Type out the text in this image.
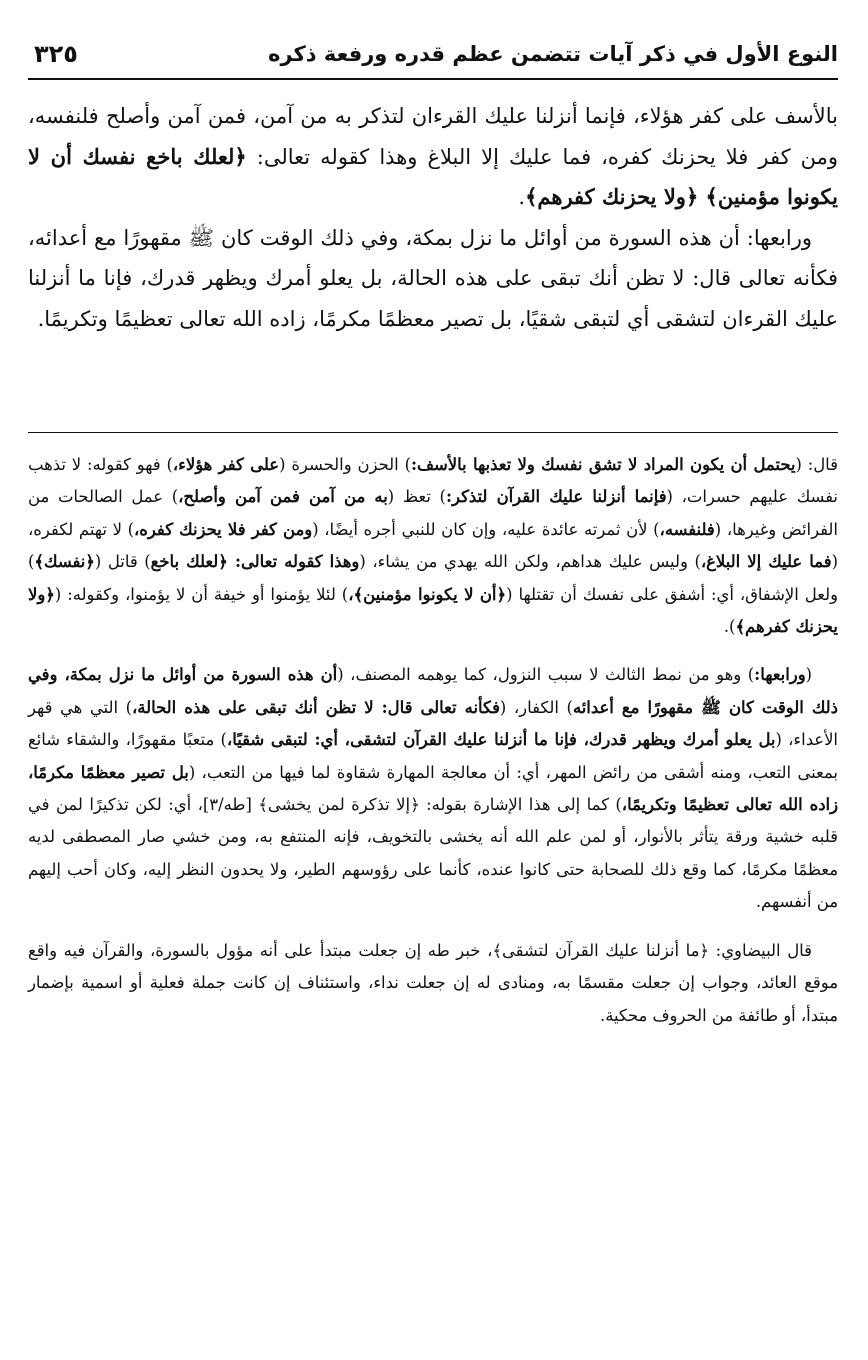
النوع الأول في ذكر آيات تتضمن عظم قدره ورفعة ذكره
٣٢٥

بالأسف على كفر هؤلاء، فإنما أنزلنا عليك القرءان لتذكر به من آمن، فمن آمن وأصلح فلنفسه، ومن كفر فلا يحزنك كفره، فما عليك إلا البلاغ وهذا كقوله تعالى: ﴿لعلك باخع نفسك أن لا يكونوا مؤمنين﴾ ﴿ولا يحزنك كفرهم﴾.

ورابعها: أن هذه السورة من أوائل ما نزل بمكة، وفي ذلك الوقت كان ﷺ مقهورًا مع أعدائه، فكأنه تعالى قال: لا تظن أنك تبقى على هذه الحالة، بل يعلو أمرك ويظهر قدرك، فإنا ما أنزلنا عليك القرءان لتشقى أي لتبقى شقيًا، بل تصير معظمًا مكرمًا، زاده الله تعالى تعظيمًا وتكريمًا.

قال: (يحتمل أن يكون المراد لا تشق نفسك ولا تعذبها بالأسف:) الحزن والحسرة (على كفر هؤلاء،) فهو كقوله: لا تذهب نفسك عليهم حسرات، (فإنما أنزلنا عليك القرآن لتذكر:) تعظ (به من آمن فمن آمن وأصلح،) عمل الصالحات من الفرائض وغيرها، (فلنفسه،) لأن ثمرته عائدة عليه، وإن كان للنبي أجره أيضًا، (ومن كفر فلا يحزنك كفره،) لا تهتم لكفره، (فما عليك إلا البلاغ،) وليس عليك هداهم، ولكن الله يهدي من يشاء، (وهذا كقوله تعالى: ﴿لعلك باخع) قاتل (﴿نفسك﴾) ولعل الإشفاق، أي: أشفق على نفسك أن تقتلها (﴿أن لا يكونوا مؤمنين﴾،) لئلا يؤمنوا أو خيفة أن لا يؤمنوا، وكقوله: (﴿ولا يحزنك كفرهم﴾).

(ورابعها:) وهو من نمط الثالث لا سبب النزول، كما يوهمه المصنف، (أن هذه السورة من أوائل ما نزل بمكة، وفي ذلك الوقت كان ﷺ مقهورًا مع أعدائه) الكفار، (فكأنه تعالى قال: لا تظن أنك تبقى على هذه الحالة،) التي هي قهر الأعداء، (بل يعلو أمرك ويظهر قدرك، فإنا ما أنزلنا عليك القرآن لتشقى، أي: لتبقى شقيًا،) متعبًا مقهورًا، والشقاء شائع بمعنى التعب، ومنه أشقى من رائض المهر، أي: أن معالجة المهارة شقاوة لما فيها من التعب، (بل تصير معظمًا مكرمًا، زاده الله تعالى تعظيمًا وتكريمًا،) كما إلى هذا الإشارة بقوله: ﴿إلا تذكرة لمن يخشى﴾ [طه/٣]، أي: لكن تذكيرًا لمن في قلبه خشية ورقة يتأثر بالأنوار، أو لمن علم الله أنه يخشى بالتخويف، فإنه المنتفع به، ومن خشي صار المصطفى لديه معظمًا مكرمًا، كما وقع ذلك للصحابة حتى كانوا عنده، كأنما على رؤوسهم الطير، ولا يحدون النظر إليه، وكان أحب إليهم من أنفسهم.

قال البيضاوي: ﴿ما أنزلنا عليك القرآن لتشقى﴾، خبر طه إن جعلت مبتدأ على أنه مؤول بالسورة، والقرآن فيه واقع موقع العائد، وجواب إن جعلت مقسمًا به، ومنادى له إن جعلت نداء، واستئناف إن كانت جملة فعلية أو اسمية بإضمار مبتدأ، أو طائفة من الحروف محكية.
